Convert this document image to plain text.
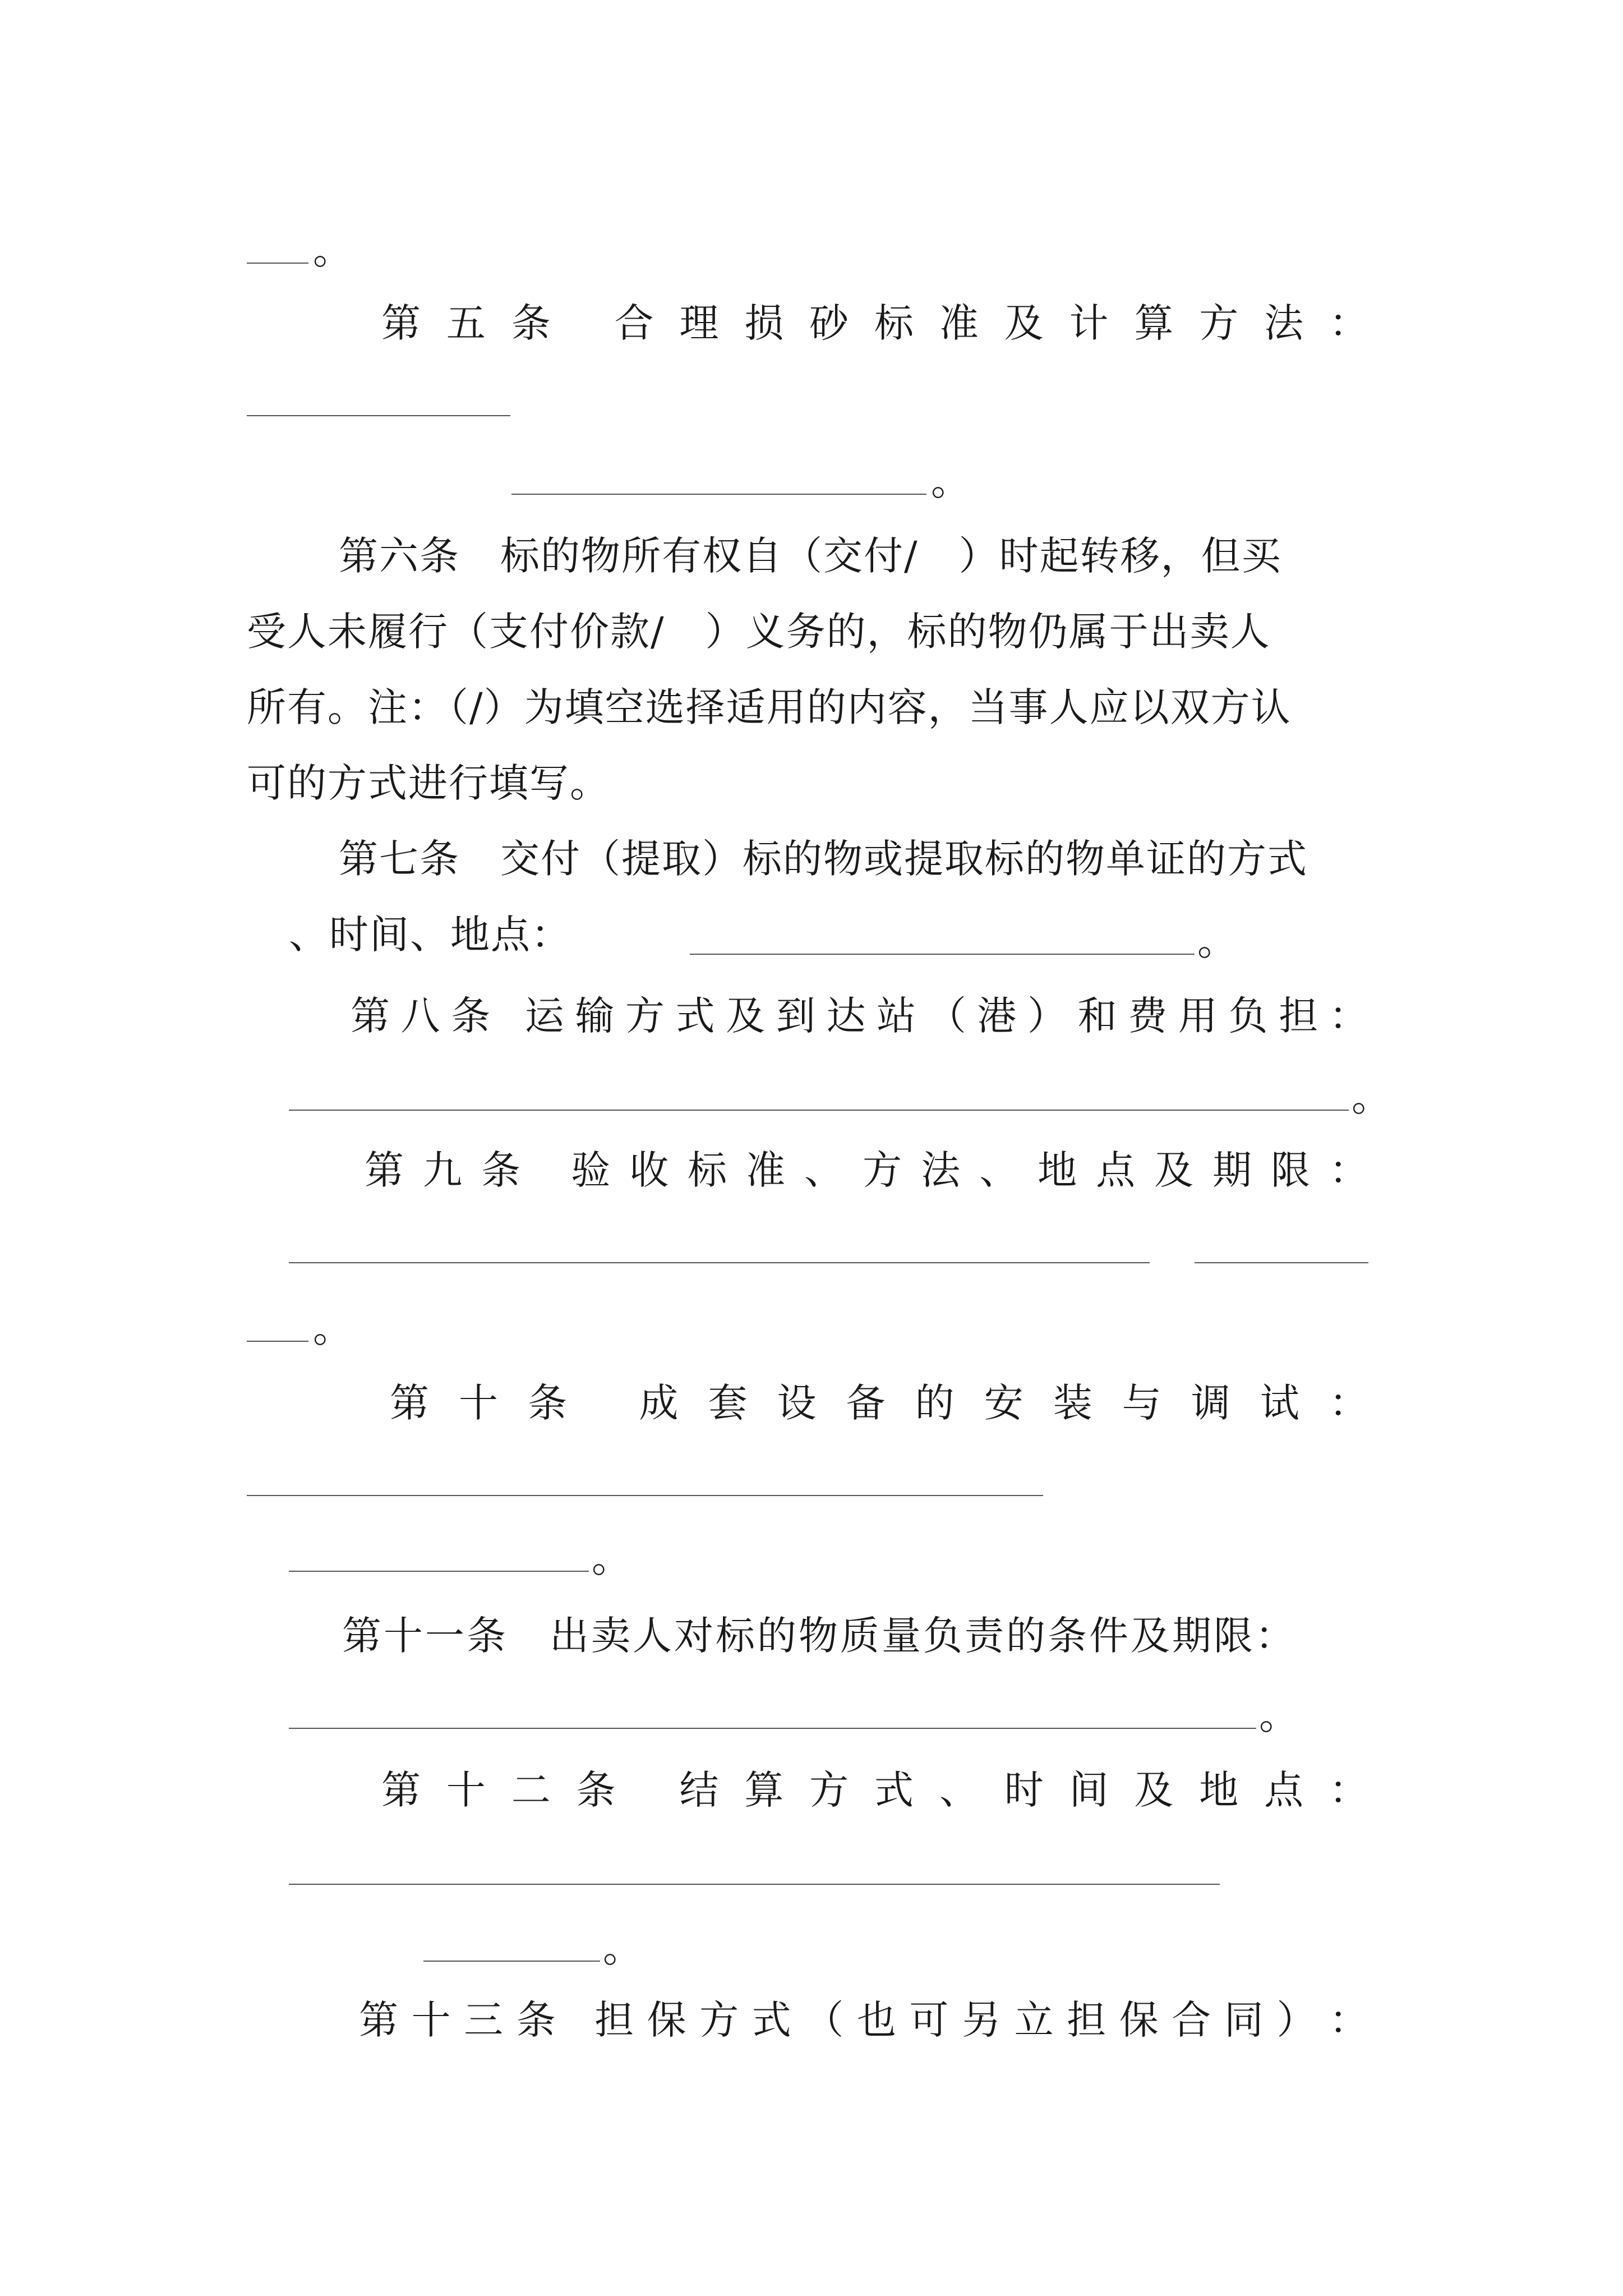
。
第 五 条
合 理 损 砂 标 准 及 计 算 方 法 ：
。
第六条　标的物所有权自（交付/　）时起转移，但买
受人未履行（支付价款/　）义务的，标的物仍属于出卖人
所有。注：（/）为填空选择适用的内容，当事人应以双方认
可的方式进行填写。
第七条　交付（提取）标的物或提取标的物单证的方式
、时间、地点：	。
第 八 条
运 输 方 式 及 到 达 站 （ 港 ） 和 费 用 负 担 ：
。
第 九 条
验 收 标 准 、 方 法 、 地 点 及 期 限 ：
。
第 十 条
成 套 设 备 的 安 装 与 调 试 ：
。
第十一条　出卖人对标的物质量负责的条件及期限：
。
第 十 二 条
结 算 方 式 、 时 间 及 地 点 ：
。
第 十 三 条
担 保 方 式 （ 也 可 另 立 担 保 合 同 ） ：
